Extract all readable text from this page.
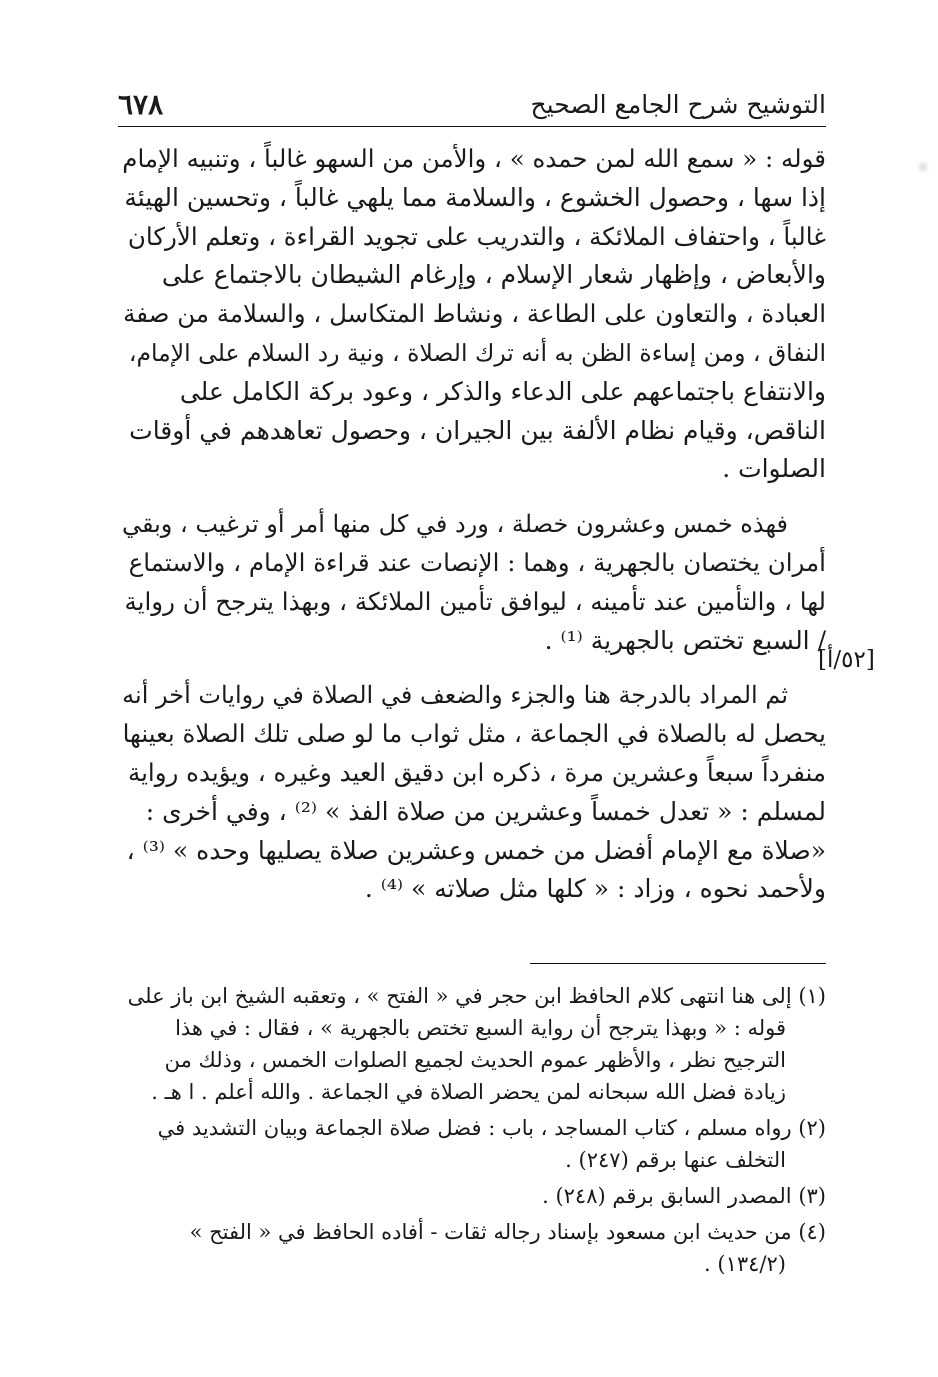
٦٧٨	التوشيح شرح الجامع الصحيح
قوله : « سمع الله لمن حمده » ، والأمن من السهو غالباً ، وتنبيه الإمام
إذا سها ، وحصول الخشوع ، والسلامة مما يلهي غالباً ، وتحسين الهيئة
غالباً ، واحتفاف الملائكة ، والتدريب على تجويد القراءة ، وتعلم الأركان
والأبعاض ، وإظهار شعار الإسلام ، وإرغام الشيطان بالاجتماع على
العبادة ، والتعاون على الطاعة ، ونشاط المتكاسل ، والسلامة من صفة
النفاق ، ومن إساءة الظن به أنه ترك الصلاة ، ونية رد السلام على الإمام،
والانتفاع باجتماعهم على الدعاء والذكر ، وعود بركة الكامل على
الناقص، وقيام نظام الألفة بين الجيران ، وحصول تعاهدهم في أوقات
الصلوات .
فهذه خمس وعشرون خصلة ، ورد في كل منها أمر أو ترغيب ، وبقي
أمران يختصان بالجهرية ، وهما : الإنصات عند قراءة الإمام ، والاستماع
لها ، والتأمين عند تأمينه ، ليوافق تأمين الملائكة ، وبهذا يترجح أن رواية
/ السبع تختص بالجهرية ⁽¹⁾ .
ثم المراد بالدرجة هنا والجزء والضعف في الصلاة في روايات أخر أنه
يحصل له بالصلاة في الجماعة ، مثل ثواب ما لو صلى تلك الصلاة بعينها
منفرداً سبعاً وعشرين مرة ، ذكره ابن دقيق العيد وغيره ، ويؤيده رواية
لمسلم : « تعدل خمساً وعشرين من صلاة الفذ » ⁽²⁾ ، وفي أخرى :
«صلاة مع الإمام أفضل من خمس وعشرين صلاة يصليها وحده » ⁽³⁾ ،
ولأحمد نحوه ، وزاد : « كلها مثل صلاته » ⁽⁴⁾ .
[٥٢/أ]
(١) إلى هنا انتهى كلام الحافظ ابن حجر في « الفتح » ، وتعقبه الشيخ ابن باز على
قوله : « وبهذا يترجح أن رواية السبع تختص بالجهرية » ، فقال : في هذا
الترجيح نظر ، والأظهر عموم الحديث لجميع الصلوات الخمس ، وذلك من
زيادة فضل الله سبحانه لمن يحضر الصلاة في الجماعة . والله أعلم . ا هـ .
(٢) رواه مسلم ، كتاب المساجد ، باب : فضل صلاة الجماعة وبيان التشديد في
التخلف عنها برقم (٢٤٧) .
(٣) المصدر السابق برقم (٢٤٨) .
(٤) من حديث ابن مسعود بإسناد رجاله ثقات - أفاده الحافظ في « الفتح »
(١٣٤/٢) .
